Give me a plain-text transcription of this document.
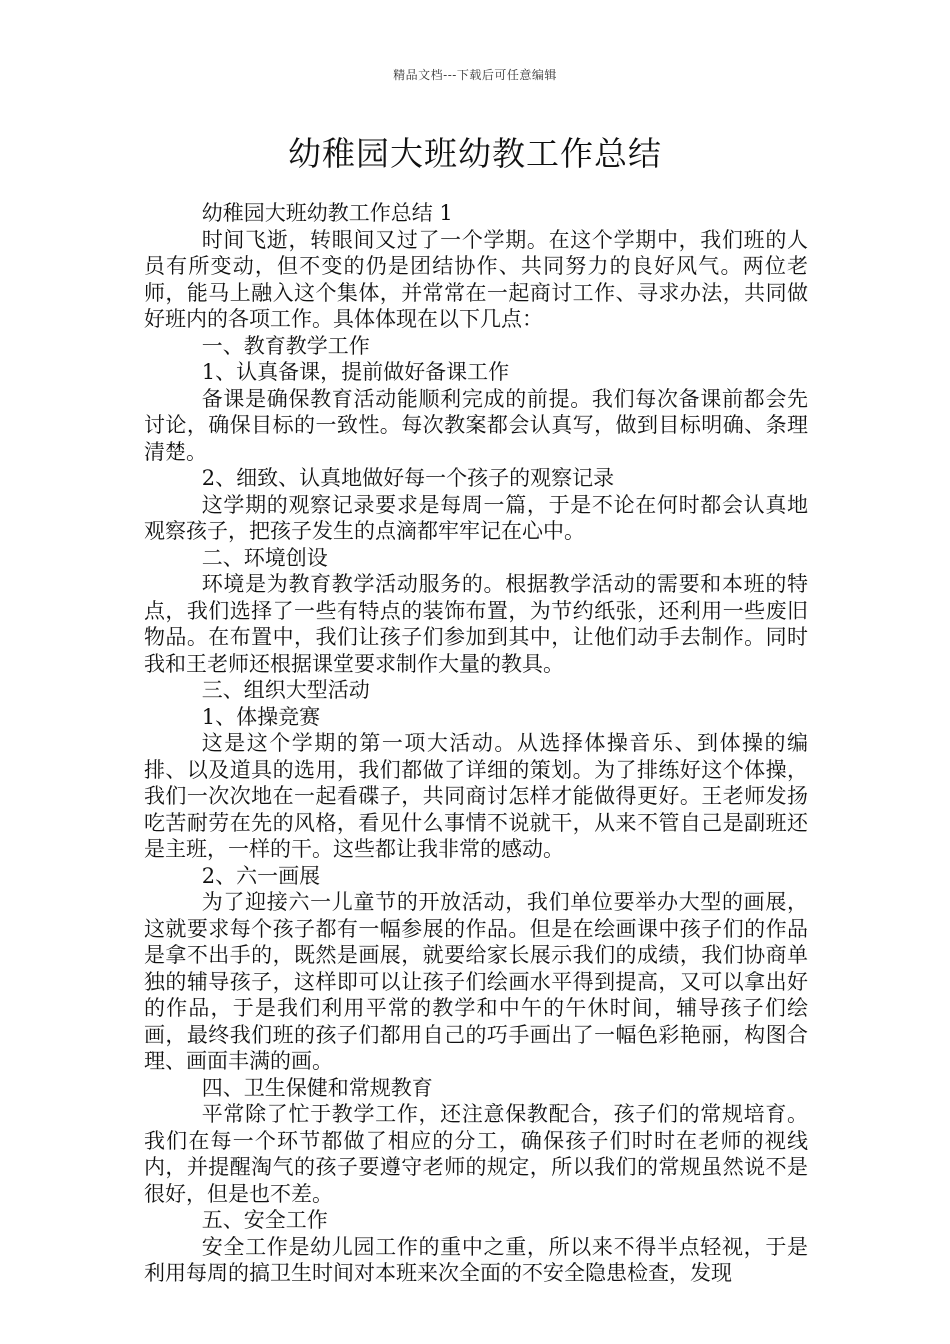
精品文档---下载后可任意编辑
幼稚园大班幼教工作总结

幼稚园大班幼教工作总结 1

时间飞逝，转眼间又过了一个学期。在这个学期中，我们班的人员有所变动，但不变的仍是团结协作、共同努力的良好风气。两位老师，能马上融入这个集体，并常常在一起商讨工作、寻求办法，共同做好班内的各项工作。具体体现在以下几点：

一、教育教学工作

1、认真备课，提前做好备课工作

备课是确保教育活动能顺利完成的前提。我们每次备课前都会先讨论，确保目标的一致性。每次教案都会认真写，做到目标明确、条理清楚。

2、细致、认真地做好每一个孩子的观察记录

这学期的观察记录要求是每周一篇，于是不论在何时都会认真地观察孩子，把孩子发生的点滴都牢牢记在心中。

二、环境创设

环境是为教育教学活动服务的。根据教学活动的需要和本班的特点，我们选择了一些有特点的装饰布置，为节约纸张，还利用一些废旧物品。在布置中，我们让孩子们参加到其中，让他们动手去制作。同时我和王老师还根据课堂要求制作大量的教具。

三、组织大型活动

1、体操竞赛

这是这个学期的第一项大活动。从选择体操音乐、到体操的编排、以及道具的选用，我们都做了详细的策划。为了排练好这个体操，我们一次次地在一起看碟子，共同商讨怎样才能做得更好。王老师发扬吃苦耐劳在先的风格，看见什么事情不说就干，从来不管自己是副班还是主班，一样的干。这些都让我非常的感动。

2、六一画展

为了迎接六一儿童节的开放活动，我们单位要举办大型的画展，这就要求每个孩子都有一幅参展的作品。但是在绘画课中孩子们的作品是拿不出手的，既然是画展，就要给家长展示我们的成绩，我们协商单独的辅导孩子，这样即可以让孩子们绘画水平得到提高，又可以拿出好的作品，于是我们利用平常的教学和中午的午休时间，辅导孩子们绘画，最终我们班的孩子们都用自己的巧手画出了一幅色彩艳丽，构图合理、画面丰满的画。

四、卫生保健和常规教育

平常除了忙于教学工作，还注意保教配合，孩子们的常规培育。我们在每一个环节都做了相应的分工，确保孩子们时时在老师的视线内，并提醒淘气的孩子要遵守老师的规定，所以我们的常规虽然说不是很好，但是也不差。

五、安全工作

安全工作是幼儿园工作的重中之重，所以来不得半点轻视，于是利用每周的搞卫生时间对本班来次全面的不安全隐患检查，发现
